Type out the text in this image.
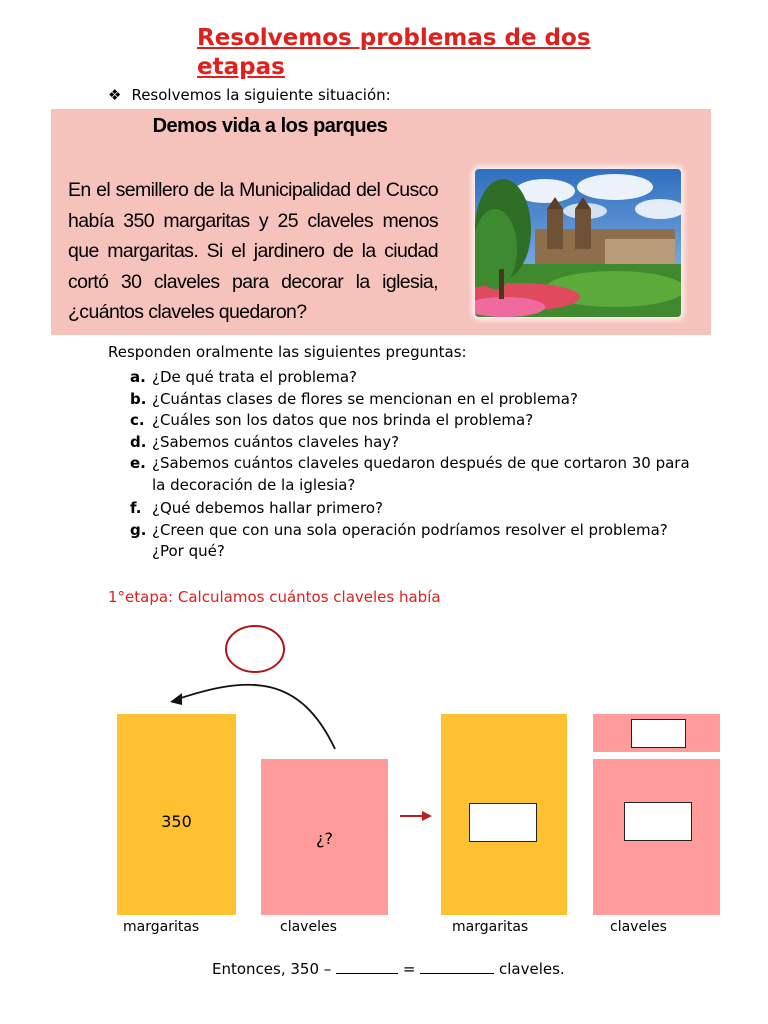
Resolvemos problemas de dos etapas
❖ Resolvemos la siguiente situación:
Demos vida a los parques
En el semillero de la Municipalidad del Cusco había 350 margaritas y 25 claveles menos que margaritas. Si el jardinero de la ciudad cortó 30 claveles para decorar la iglesia, ¿cuántos claveles quedaron?
Responden oralmente las siguientes preguntas:
a. ¿De qué trata el problema?
b. ¿Cuántas clases de flores se mencionan en el problema?
c. ¿Cuáles son los datos que nos brinda el problema?
d. ¿Sabemos cuántos claveles hay?
e. ¿Sabemos cuántos claveles quedaron después de que cortaron 30 para la decoración de la iglesia?
f. ¿Qué debemos hallar primero?
g. ¿Creen que con una sola operación podríamos resolver el problema? ¿Por qué?
1°etapa: Calculamos cuántos claveles había
350
¿?
margaritas	claveles	margaritas	claveles
Entonces, 350 –	=	claveles.
